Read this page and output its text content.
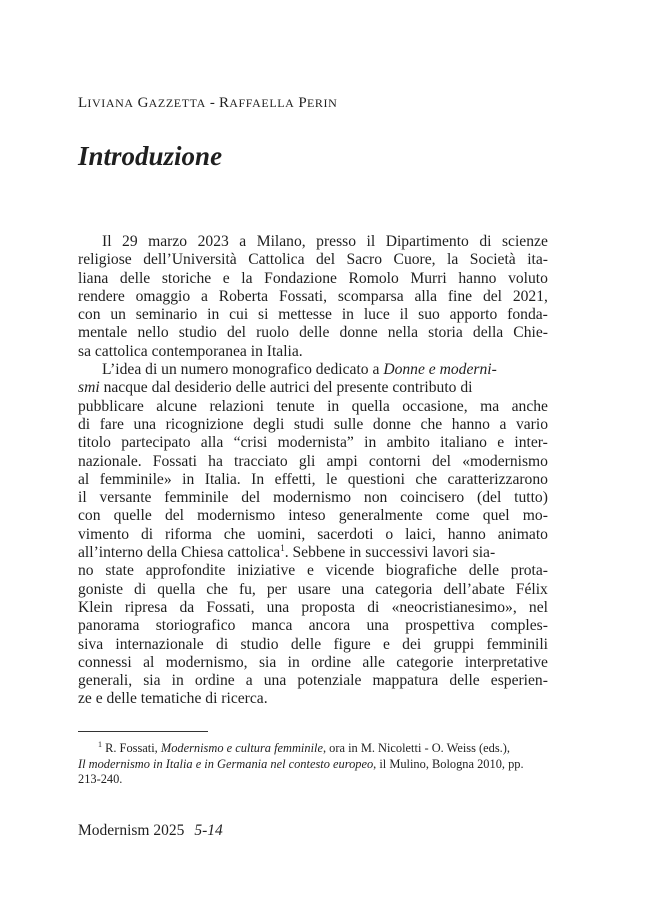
LIVIANA GAZZETTA - RAFFAELLA PERIN
Introduzione
Il 29 marzo 2023 a Milano, presso il Dipartimento di scienze
religiose dell’Università Cattolica del Sacro Cuore, la Società ita-
liana delle storiche e la Fondazione Romolo Murri hanno voluto
rendere omaggio a Roberta Fossati, scomparsa alla fine del 2021,
con un seminario in cui si mettesse in luce il suo apporto fonda-
mentale nello studio del ruolo delle donne nella storia della Chie-
sa cattolica contemporanea in Italia.
L’idea di un numero monografico dedicato a Donne e moderni-
smi nacque dal desiderio delle autrici del presente contributo di
pubblicare alcune relazioni tenute in quella occasione, ma anche
di fare una ricognizione degli studi sulle donne che hanno a vario
titolo partecipato alla “crisi modernista” in ambito italiano e inter-
nazionale. Fossati ha tracciato gli ampi contorni del «modernismo
al femminile» in Italia. In effetti, le questioni che caratterizzarono
il versante femminile del modernismo non coincisero (del tutto)
con quelle del modernismo inteso generalmente come quel mo-
vimento di riforma che uomini, sacerdoti o laici, hanno animato
all’interno della Chiesa cattolica$^1$. Sebbene in successivi lavori sia-
no state approfondite iniziative e vicende biografiche delle prota-
goniste di quella che fu, per usare una categoria dell’abate Félix
Klein ripresa da Fossati, una proposta di «neocristianesimo», nel
panorama storiografico manca ancora una prospettiva comples-
siva internazionale di studio delle figure e dei gruppi femminili
connessi al modernismo, sia in ordine alle categorie interpretative
generali, sia in ordine a una potenziale mappatura delle esperien-
ze e delle tematiche di ricerca.
$^1$ R. Fossati, Modernismo e cultura femminile, ora in M. Nicoletti - O. Weiss (eds.),
Il modernismo in Italia e in Germania nel contesto europeo, il Mulino, Bologna 2010, pp.
213-240.
Modernism 2025 5-14
